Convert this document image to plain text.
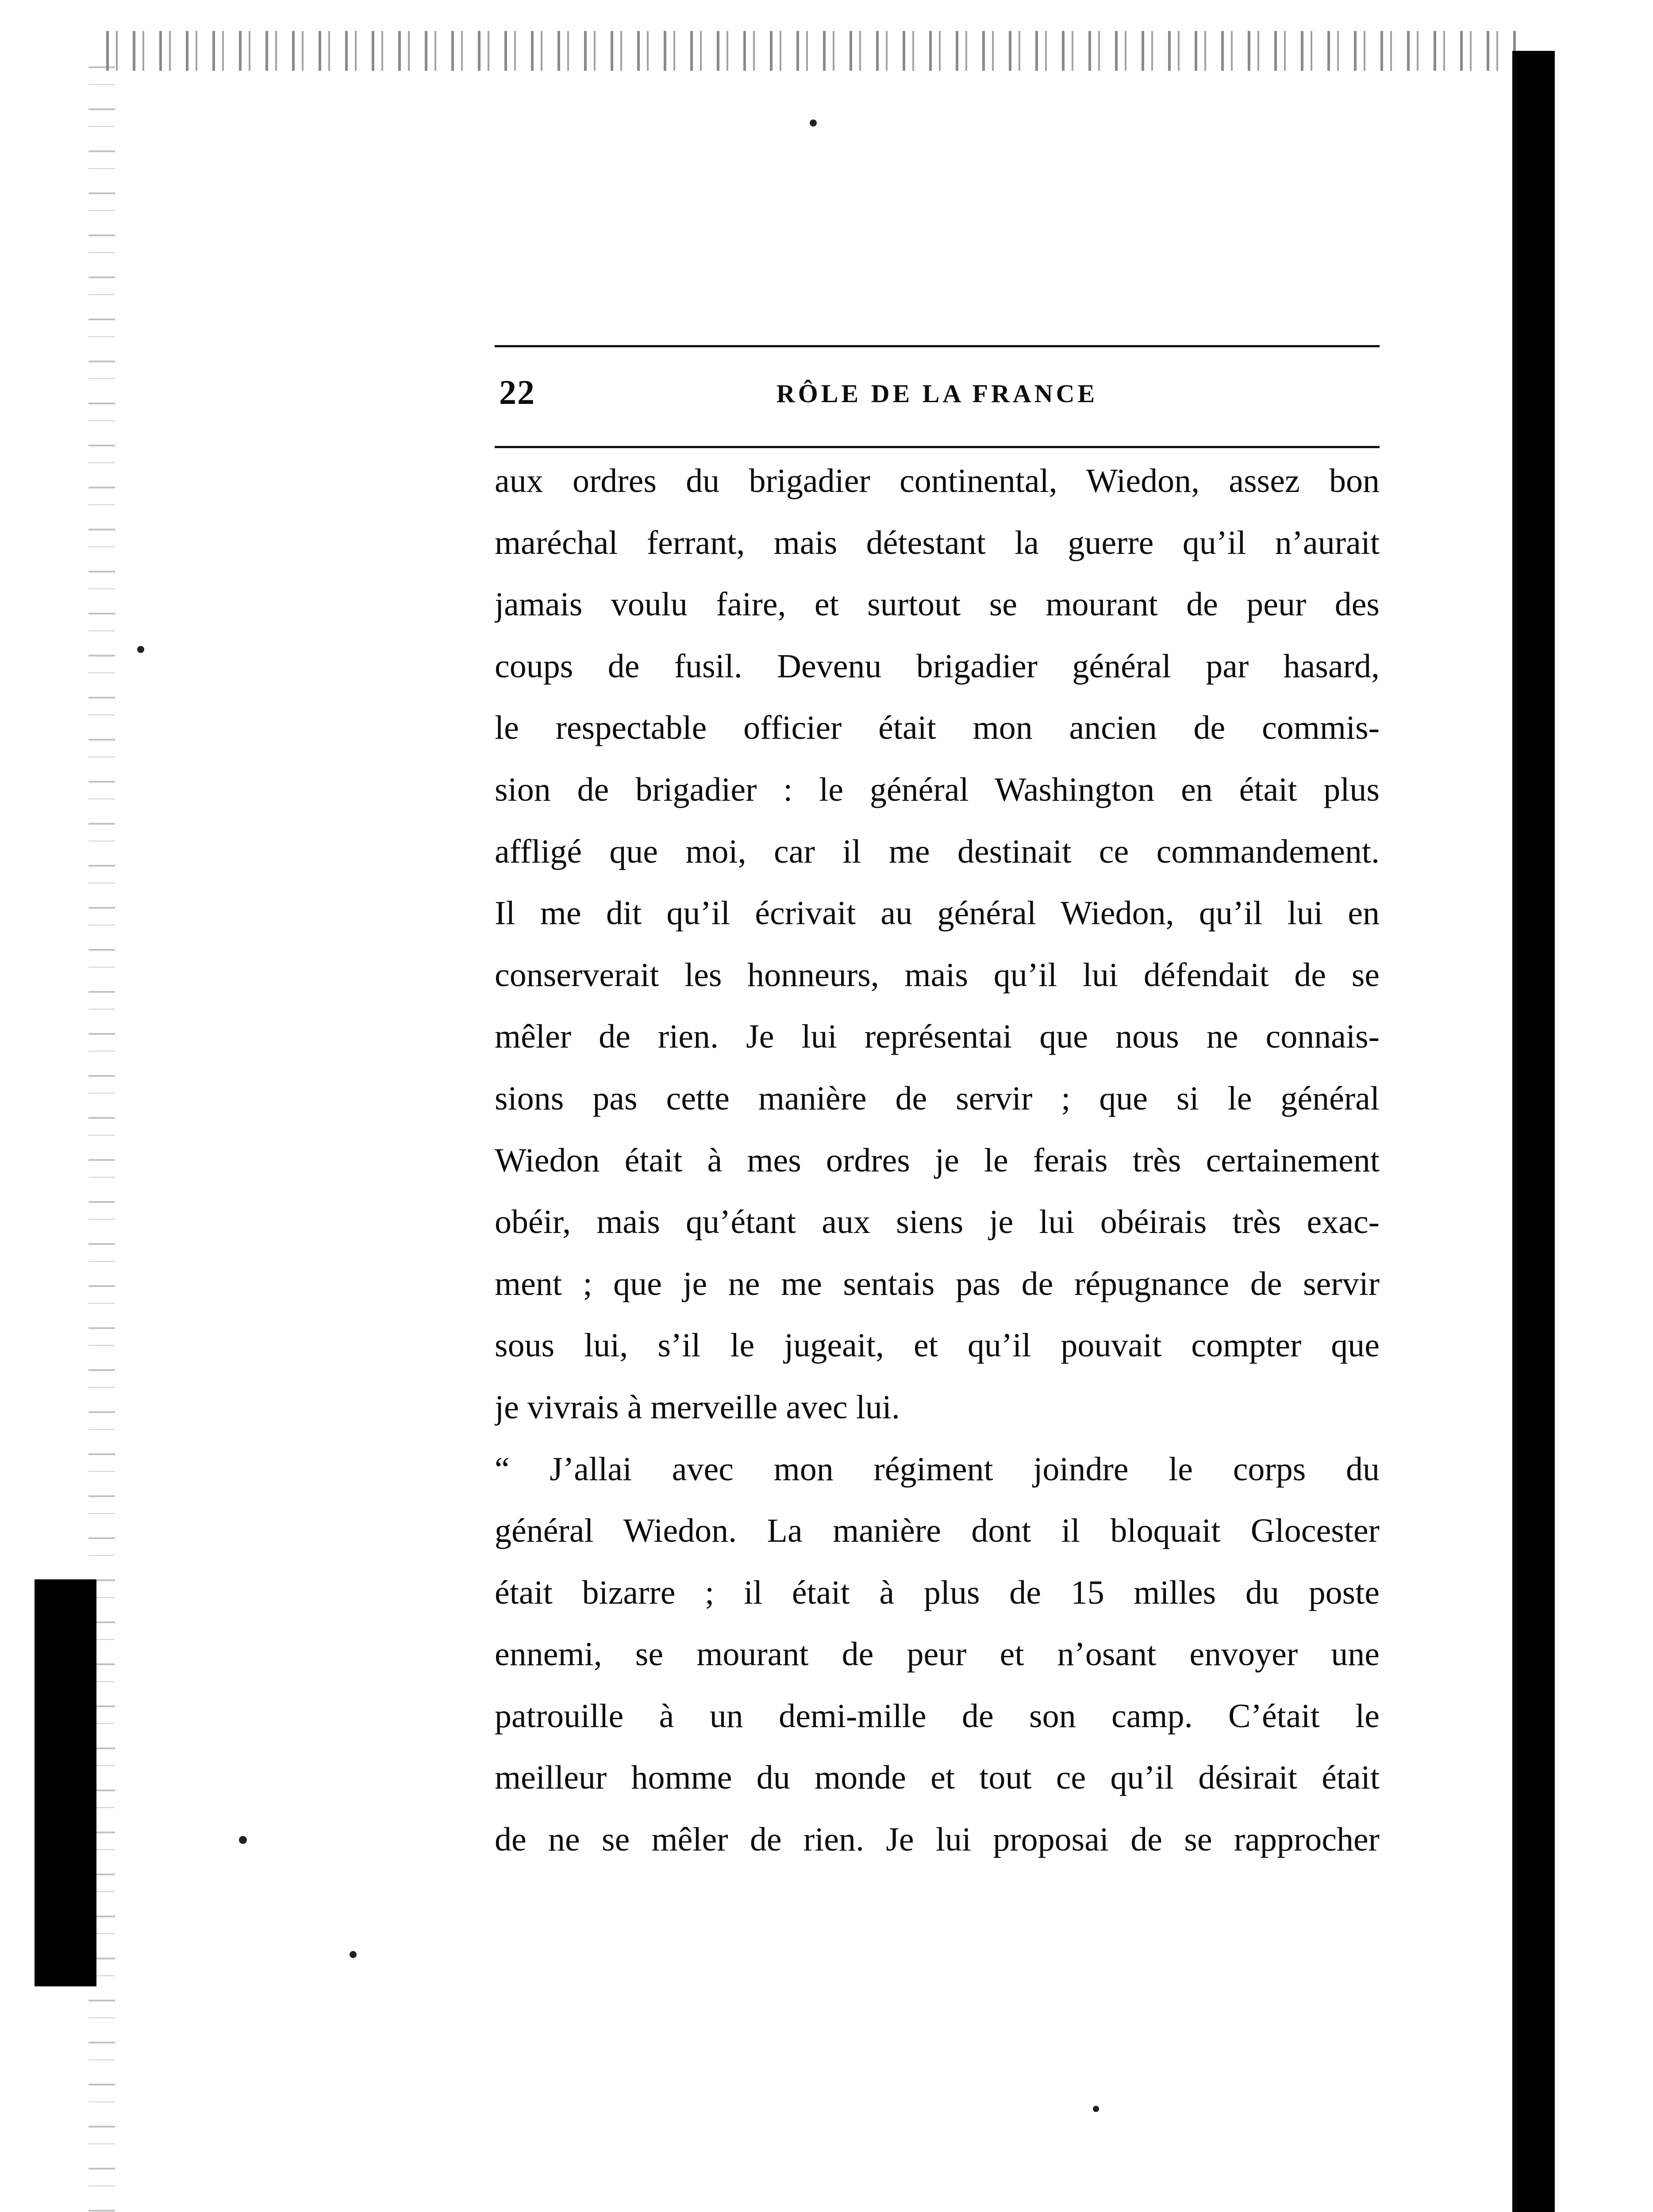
22	RÔLE DE LA FRANCE
aux ordres du brigadier continental, Wiedon, assez bon
maréchal ferrant, mais détestant la guerre qu’il n’aurait
jamais voulu faire, et surtout se mourant de peur des
coups de fusil. Devenu brigadier général par hasard,
le respectable officier était mon ancien de commis-
sion de brigadier : le général Washington en était plus
affligé que moi, car il me destinait ce commandement.
Il me dit qu’il écrivait au général Wiedon, qu’il lui en
conserverait les honneurs, mais qu’il lui défendait de se
mêler de rien. Je lui représentai que nous ne connais-
sions pas cette manière de servir ; que si le général
Wiedon était à mes ordres je le ferais très certainement
obéir, mais qu’étant aux siens je lui obéirais très exac-
ment ; que je ne me sentais pas de répugnance de servir
sous lui, s’il le jugeait, et qu’il pouvait compter que
je vivrais à merveille avec lui.
“ J’allai avec mon régiment joindre le corps du
général Wiedon. La manière dont il bloquait Glocester
était bizarre ; il était à plus de 15 milles du poste
ennemi, se mourant de peur et n’osant envoyer une
patrouille à un demi-mille de son camp. C’était le
meilleur homme du monde et tout ce qu’il désirait était
de ne se mêler de rien. Je lui proposai de se rapprocher
